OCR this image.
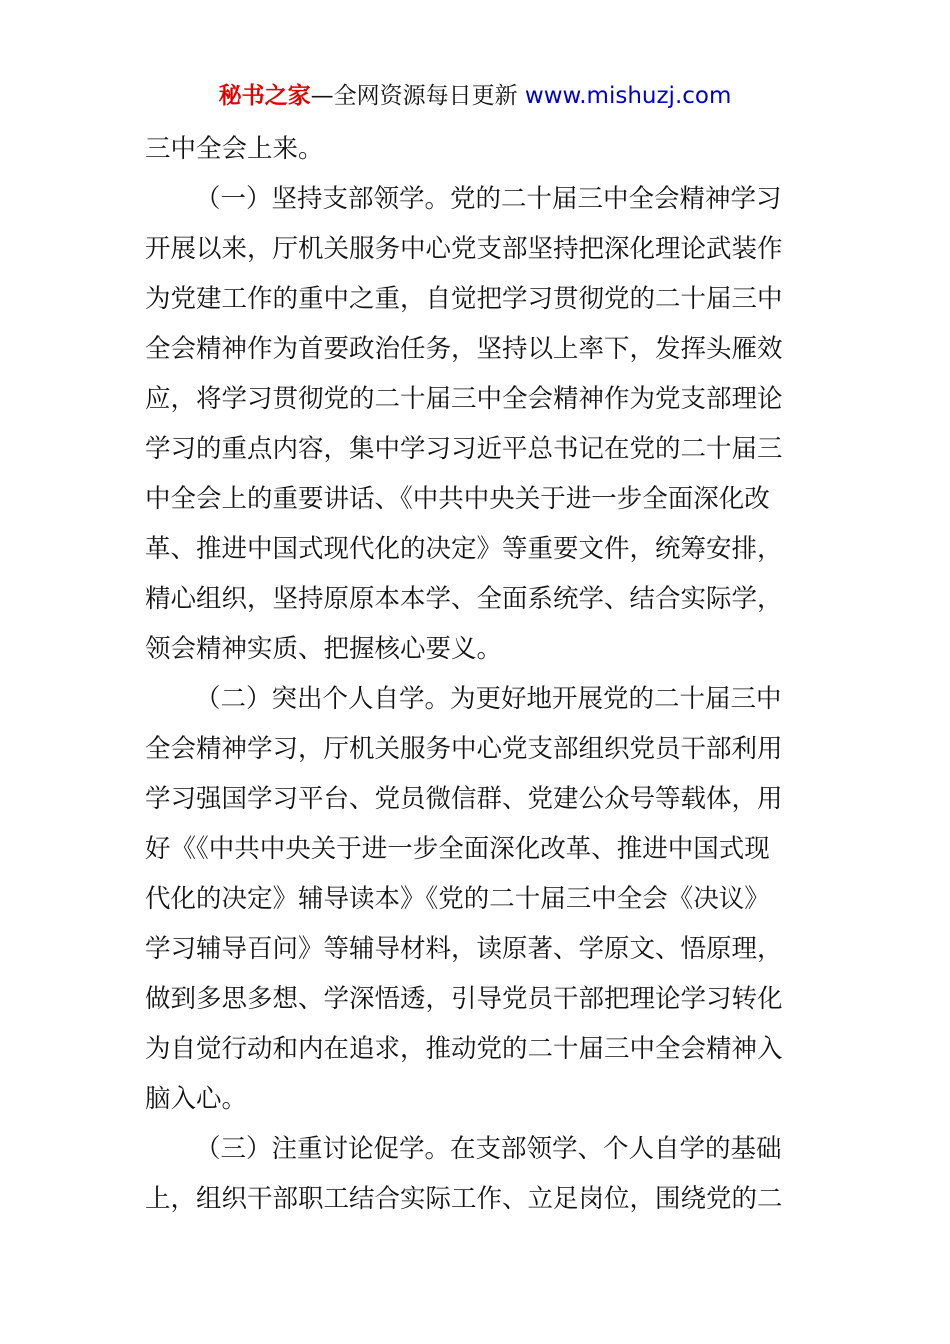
秘书之家—全网资源每日更新 www.mishuzj.com
三中全会上来。
（一）坚持支部领学。党的二十届三中全会精神学习
开展以来，厅机关服务中心党支部坚持把深化理论武装作
为党建工作的重中之重，自觉把学习贯彻党的二十届三中
全会精神作为首要政治任务，坚持以上率下，发挥头雁效
应，将学习贯彻党的二十届三中全会精神作为党支部理论
学习的重点内容，集中学习习近平总书记在党的二十届三
中全会上的重要讲话、《中共中央关于进一步全面深化改
革、推进中国式现代化的决定》等重要文件，统筹安排，
精心组织，坚持原原本本学、全面系统学、结合实际学，
领会精神实质、把握核心要义。
（二）突出个人自学。为更好地开展党的二十届三中
全会精神学习，厅机关服务中心党支部组织党员干部利用
学习强国学习平台、党员微信群、党建公众号等载体，用
好《《中共中央关于进一步全面深化改革、推进中国式现
代化的决定》辅导读本》《党的二十届三中全会《决议》
学习辅导百问》等辅导材料，读原著、学原文、悟原理，
做到多思多想、学深悟透，引导党员干部把理论学习转化
为自觉行动和内在追求，推动党的二十届三中全会精神入
脑入心。
（三）注重讨论促学。在支部领学、个人自学的基础
上，组织干部职工结合实际工作、立足岗位，围绕党的二
